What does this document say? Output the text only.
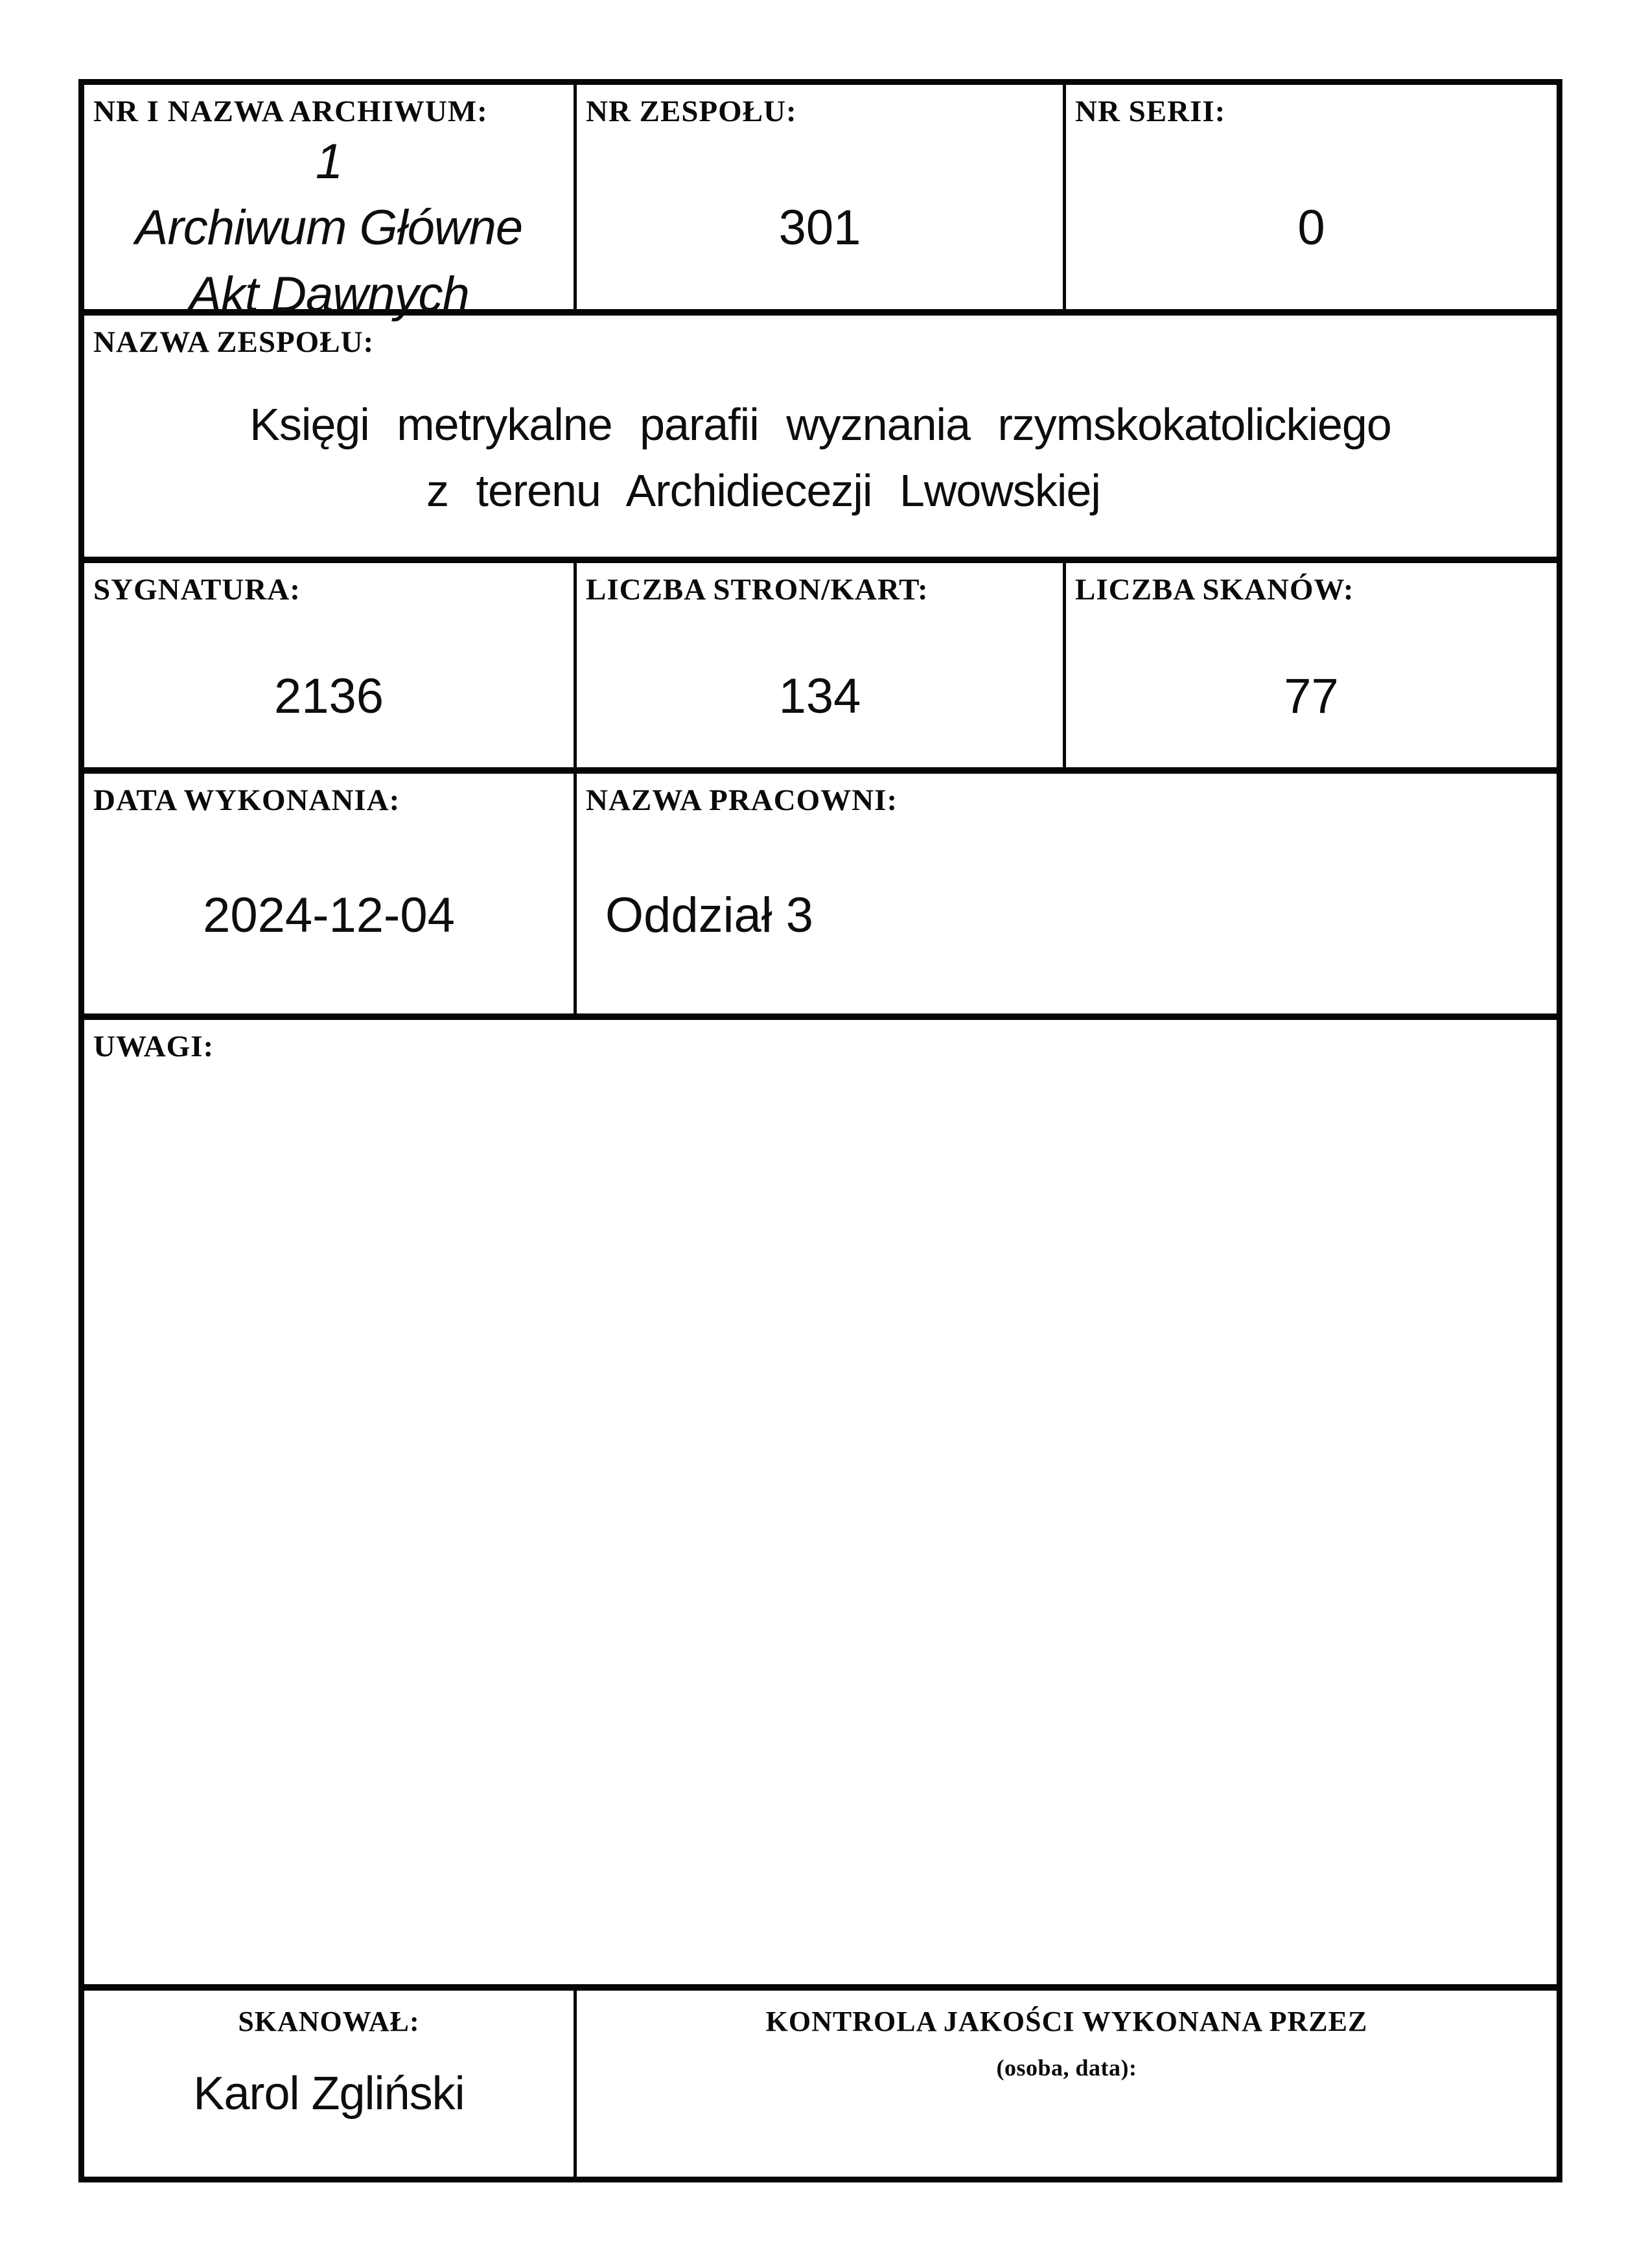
NR I NAZWA ARCHIWUM:
1
Archiwum Główne
Akt Dawnych
NR ZESPOŁU:
301
NR SERII:
0
NAZWA ZESPOŁU:
Księgi metrykalne parafii wyznania rzymskokatolickiego
z terenu Archidiecezji Lwowskiej
SYGNATURA:
2136
LICZBA STRON/KART:
134
LICZBA SKANÓW:
77
DATA WYKONANIA:
2024-12-04
NAZWA PRACOWNI:
Oddział 3
UWAGI:
SKANOWAŁ:
Karol Zgliński
KONTROLA JAKOŚCI WYKONANA PRZEZ
(osoba, data):
